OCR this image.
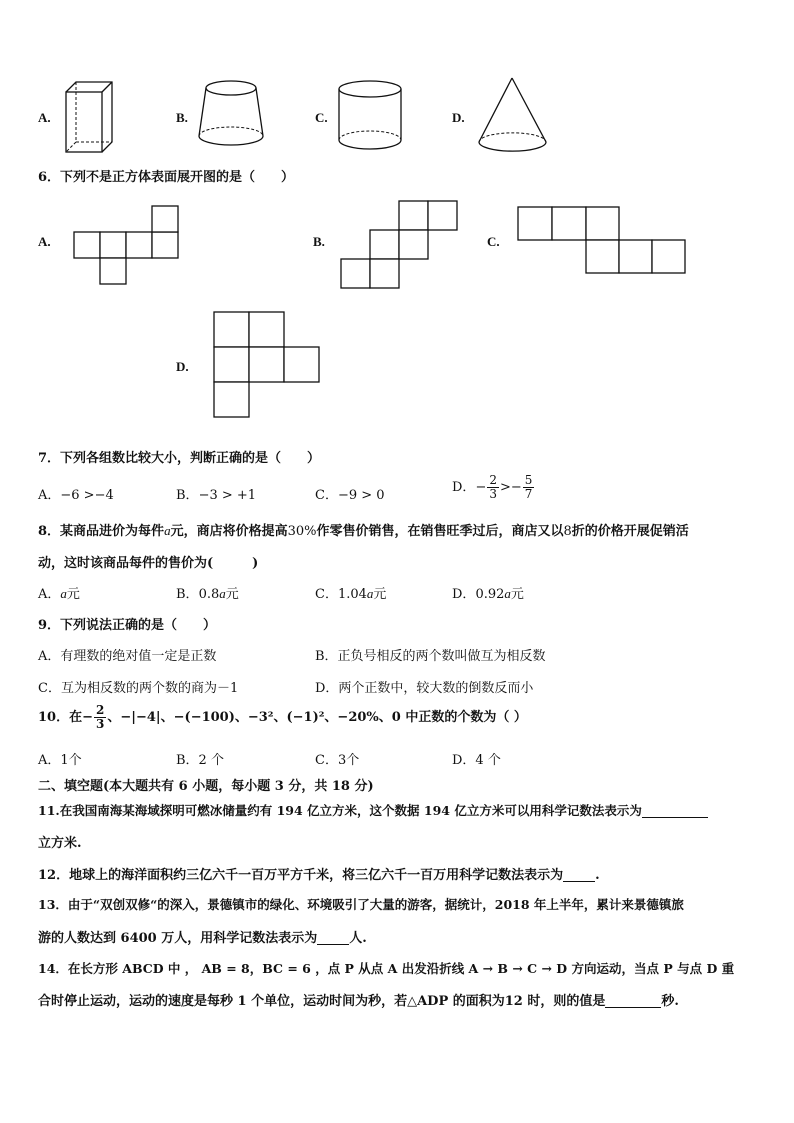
A.	B.	C.	D.
6．下列不是正方体表面展开图的是（　　）
A.	B.	C.
D.
7．下列各组数比较大小，判断正确的是（　　）
A．−6 >−4	B．−3 > +1	C．−9 > 0
D．− $\frac{2}{3} >- \frac{5}{7}$
8．某商品进价为每件a元，商店将价格提高30%作零售价销售，在销售旺季过后，商店又以8折的价格开展促销活
动，这时该商品每件的售价为(　　　)
A．a元	B．0.8a元	C．1.04a元	D．0.92a元
9．下列说法正确的是（　　）
A．有理数的绝对值一定是正数	B．正负号相反的两个数叫做互为相反数
C．互为相反数的两个数的商为－1	D．两个正数中，较大数的倒数反而小
10．在− $\frac{2}{3}$ 、−|−4|、−(−100)、−3²、(−1)²、−20%、0 中正数的个数为（ ）
A．1个	B．2 个	C．3个	D．4 个
二、填空题(本大题共有 6 小题，每小题 3 分，共 18 分)
11.在我国南海某海域探明可燃冰储量约有 194 亿立方米，这个数据 194 亿立方米可以用科学记数法表示为
立方米.
12．地球上的海洋面积约三亿六千一百万平方千米，将三亿六千一百万用科学记数法表示为 .
13．由于“双创双修“的深入，景德镇市的绿化、环境吸引了大量的游客，据统计，2018 年上半年，累计来景德镇旅
游的人数达到 6400 万人，用科学记数法表示为 人.
14．在长方形 ABCD 中 ， AB = 8，BC = 6 ，点 P 从点 A 出发沿折线 A → B → C → D 方向运动，当点 P 与点 D 重
合时停止运动，运动的速度是每秒 1 个单位，运动时间为秒，若△ADP 的面积为12 时，则的值是	秒.
